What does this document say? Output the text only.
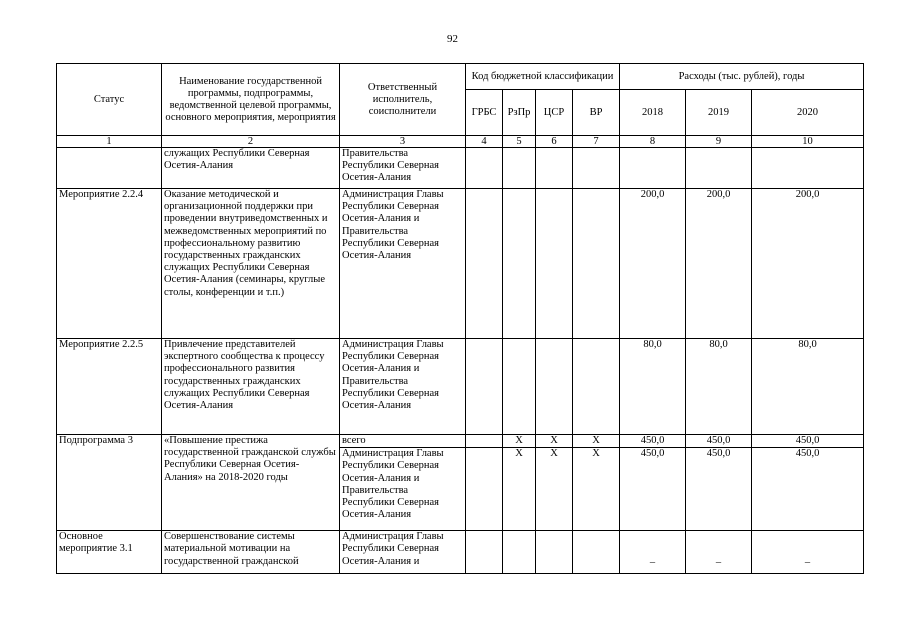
92
Статус	Наименование государственной программы, подпрограммы, ведомственной целевой программы, основного мероприятия, мероприятия	Ответственный исполнитель, соисполнители	Код бюджетной классификации				Расходы (тыс. рублей), годы		
			ГРБС	РзПр	ЦСР	ВР	2018	2019	2020
1	2	3	4	5	6	7	8	9	10
	служащих Республики Северная Осетия-Алания	Правительства Республики Северная Осетия-Алания							
Мероприятие 2.2.4	Оказание методической и организационной поддержки при проведении внутриведомственных и межведомственных мероприятий по профессиональному развитию государственных гражданских служащих Республики Северная Осетия-Алания (семинары, круглые столы, конференции и т.п.)	Администрация Главы Республики Северная Осетия-Алания и Правительства Республики Северная Осетия-Алания					200,0	200,0	200,0
Мероприятие 2.2.5	Привлечение представителей экспертного сообщества к процессу профессионального развития государственных гражданских служащих Республики Северная Осетия-Алания	Администрация Главы Республики Северная Осетия-Алания и Правительства Республики Северная Осетия-Алания					80,0	80,0	80,0
Подпрограмма 3	«Повышение престижа государственной гражданской службы Республики Северная Осетия-Алания» на 2018-2020 годы	всего		Х	Х	Х	450,0	450,0	450,0
		Администрация Главы Республики Северная Осетия-Алания и Правительства Республики Северная Осетия-Алания		Х	Х	Х	450,0	450,0	450,0
Основное мероприятие 3.1	Совершенствование системы материальной мотивации на государственной гражданской	Администрация Главы Республики Северная Осетия-Алания и					–	–	–
